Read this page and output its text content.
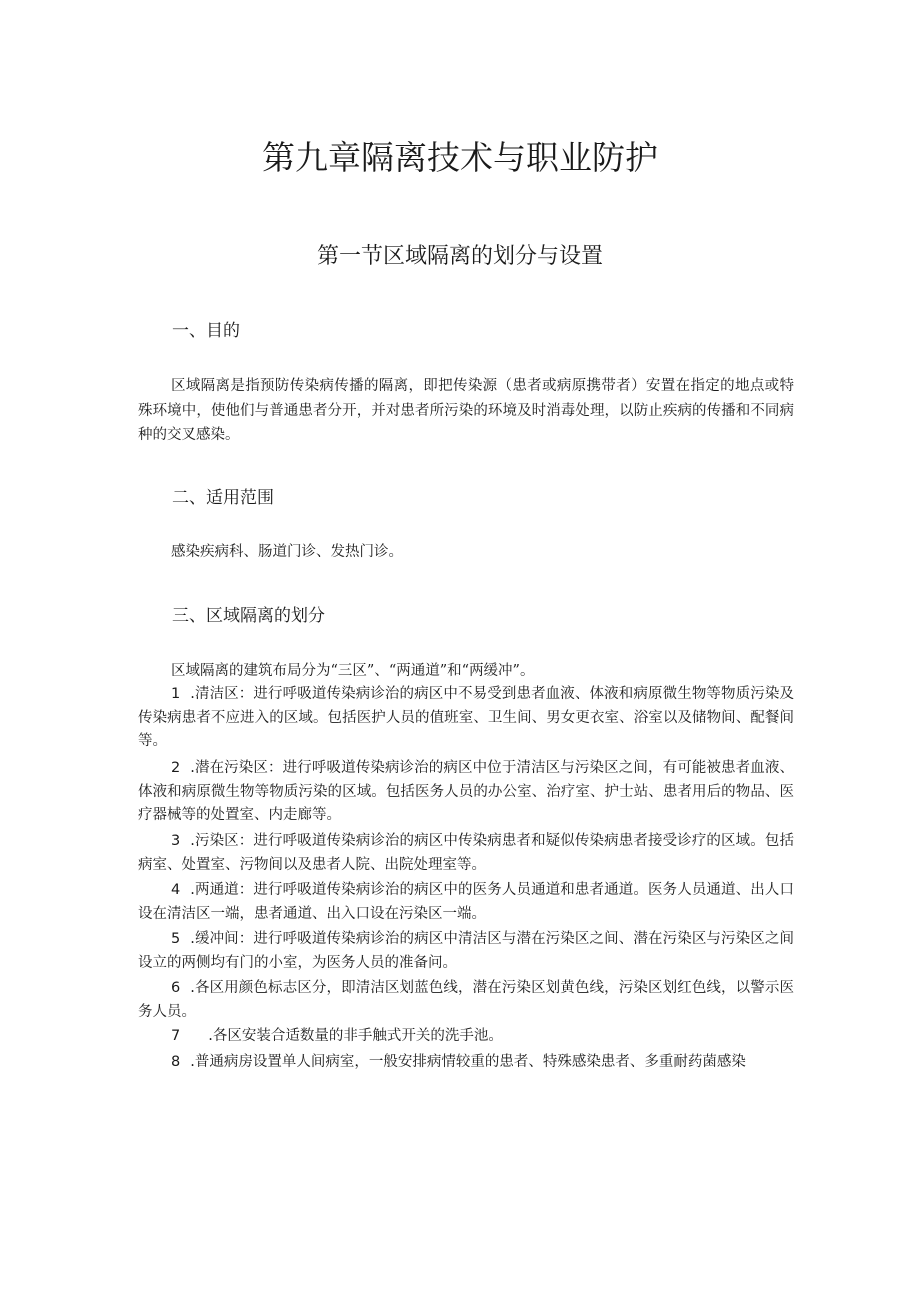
第九章隔离技术与职业防护
第一节区域隔离的划分与设置
一、目的

区域隔离是指预防传染病传播的隔离，即把传染源（患者或病原携带者）安置在指定的地点或特殊环境中，使他们与普通患者分开，并对患者所污染的环境及时消毒处理，以防止疾病的传播和不同病种的交叉感染。

二、适用范围

感染疾病科、肠道门诊、发热门诊。

三、区域隔离的划分

区域隔离的建筑布局分为“三区”、“两通道”和“两缓冲”。

1 .清洁区：进行呼吸道传染病诊治的病区中不易受到患者血液、体液和病原微生物等物质污染及传染病患者不应进入的区域。包括医护人员的值班室、卫生间、男女更衣室、浴室以及储物间、配餐间等。

2 .潜在污染区：进行呼吸道传染病诊治的病区中位于清洁区与污染区之间，有可能被患者血液、体液和病原微生物等物质污染的区域。包括医务人员的办公室、治疗室、护士站、患者用后的物品、医疗器械等的处置室、内走廊等。

3 .污染区：进行呼吸道传染病诊治的病区中传染病患者和疑似传染病患者接受诊疗的区域。包括病室、处置室、污物间以及患者人院、出院处理室等。

4 .两通道：进行呼吸道传染病诊治的病区中的医务人员通道和患者通道。医务人员通道、出人口设在清洁区一端，患者通道、出入口设在污染区一端。

5 .缓冲间：进行呼吸道传染病诊治的病区中清洁区与潜在污染区之间、潜在污染区与污染区之间设立的两侧均有门的小室，为医务人员的准备问。

6 .各区用颜色标志区分，即清洁区划蓝色线，潜在污染区划黄色线，污染区划红色线，以警示医务人员。

7 .各区安装合适数量的非手触式开关的洗手池。

8 .普通病房设置单人间病室，一般安排病情较重的患者、特殊感染患者、多重耐药菌感染
